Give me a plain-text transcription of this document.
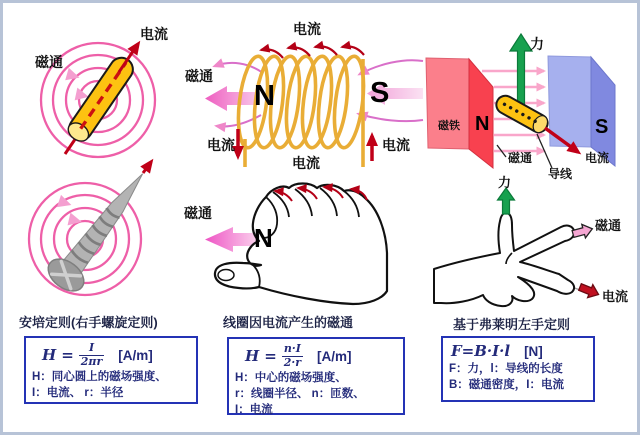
电流
磁通
电流
磁通
N	S
电流	电流
电流
力
磁铁 N	S
磁通
导线
电流
磁通
N
力
磁通
电流
安培定则(右手螺旋定则)	线圈因电流产生的磁通	基于弗莱明左手定则
$H = \frac{I}{2\pi r} [A/m]$
H：同心圆上的磁场强度、
I：电流、 r：半径
$H = \frac{n\cdot I}{2\cdot r} [A/m]$
H：中心的磁场强度、
r：线圈半径、 n：匝数、
I：电流
F=B·I·l [N]
F：力，l：导线的长度
B：磁通密度，I：电流
